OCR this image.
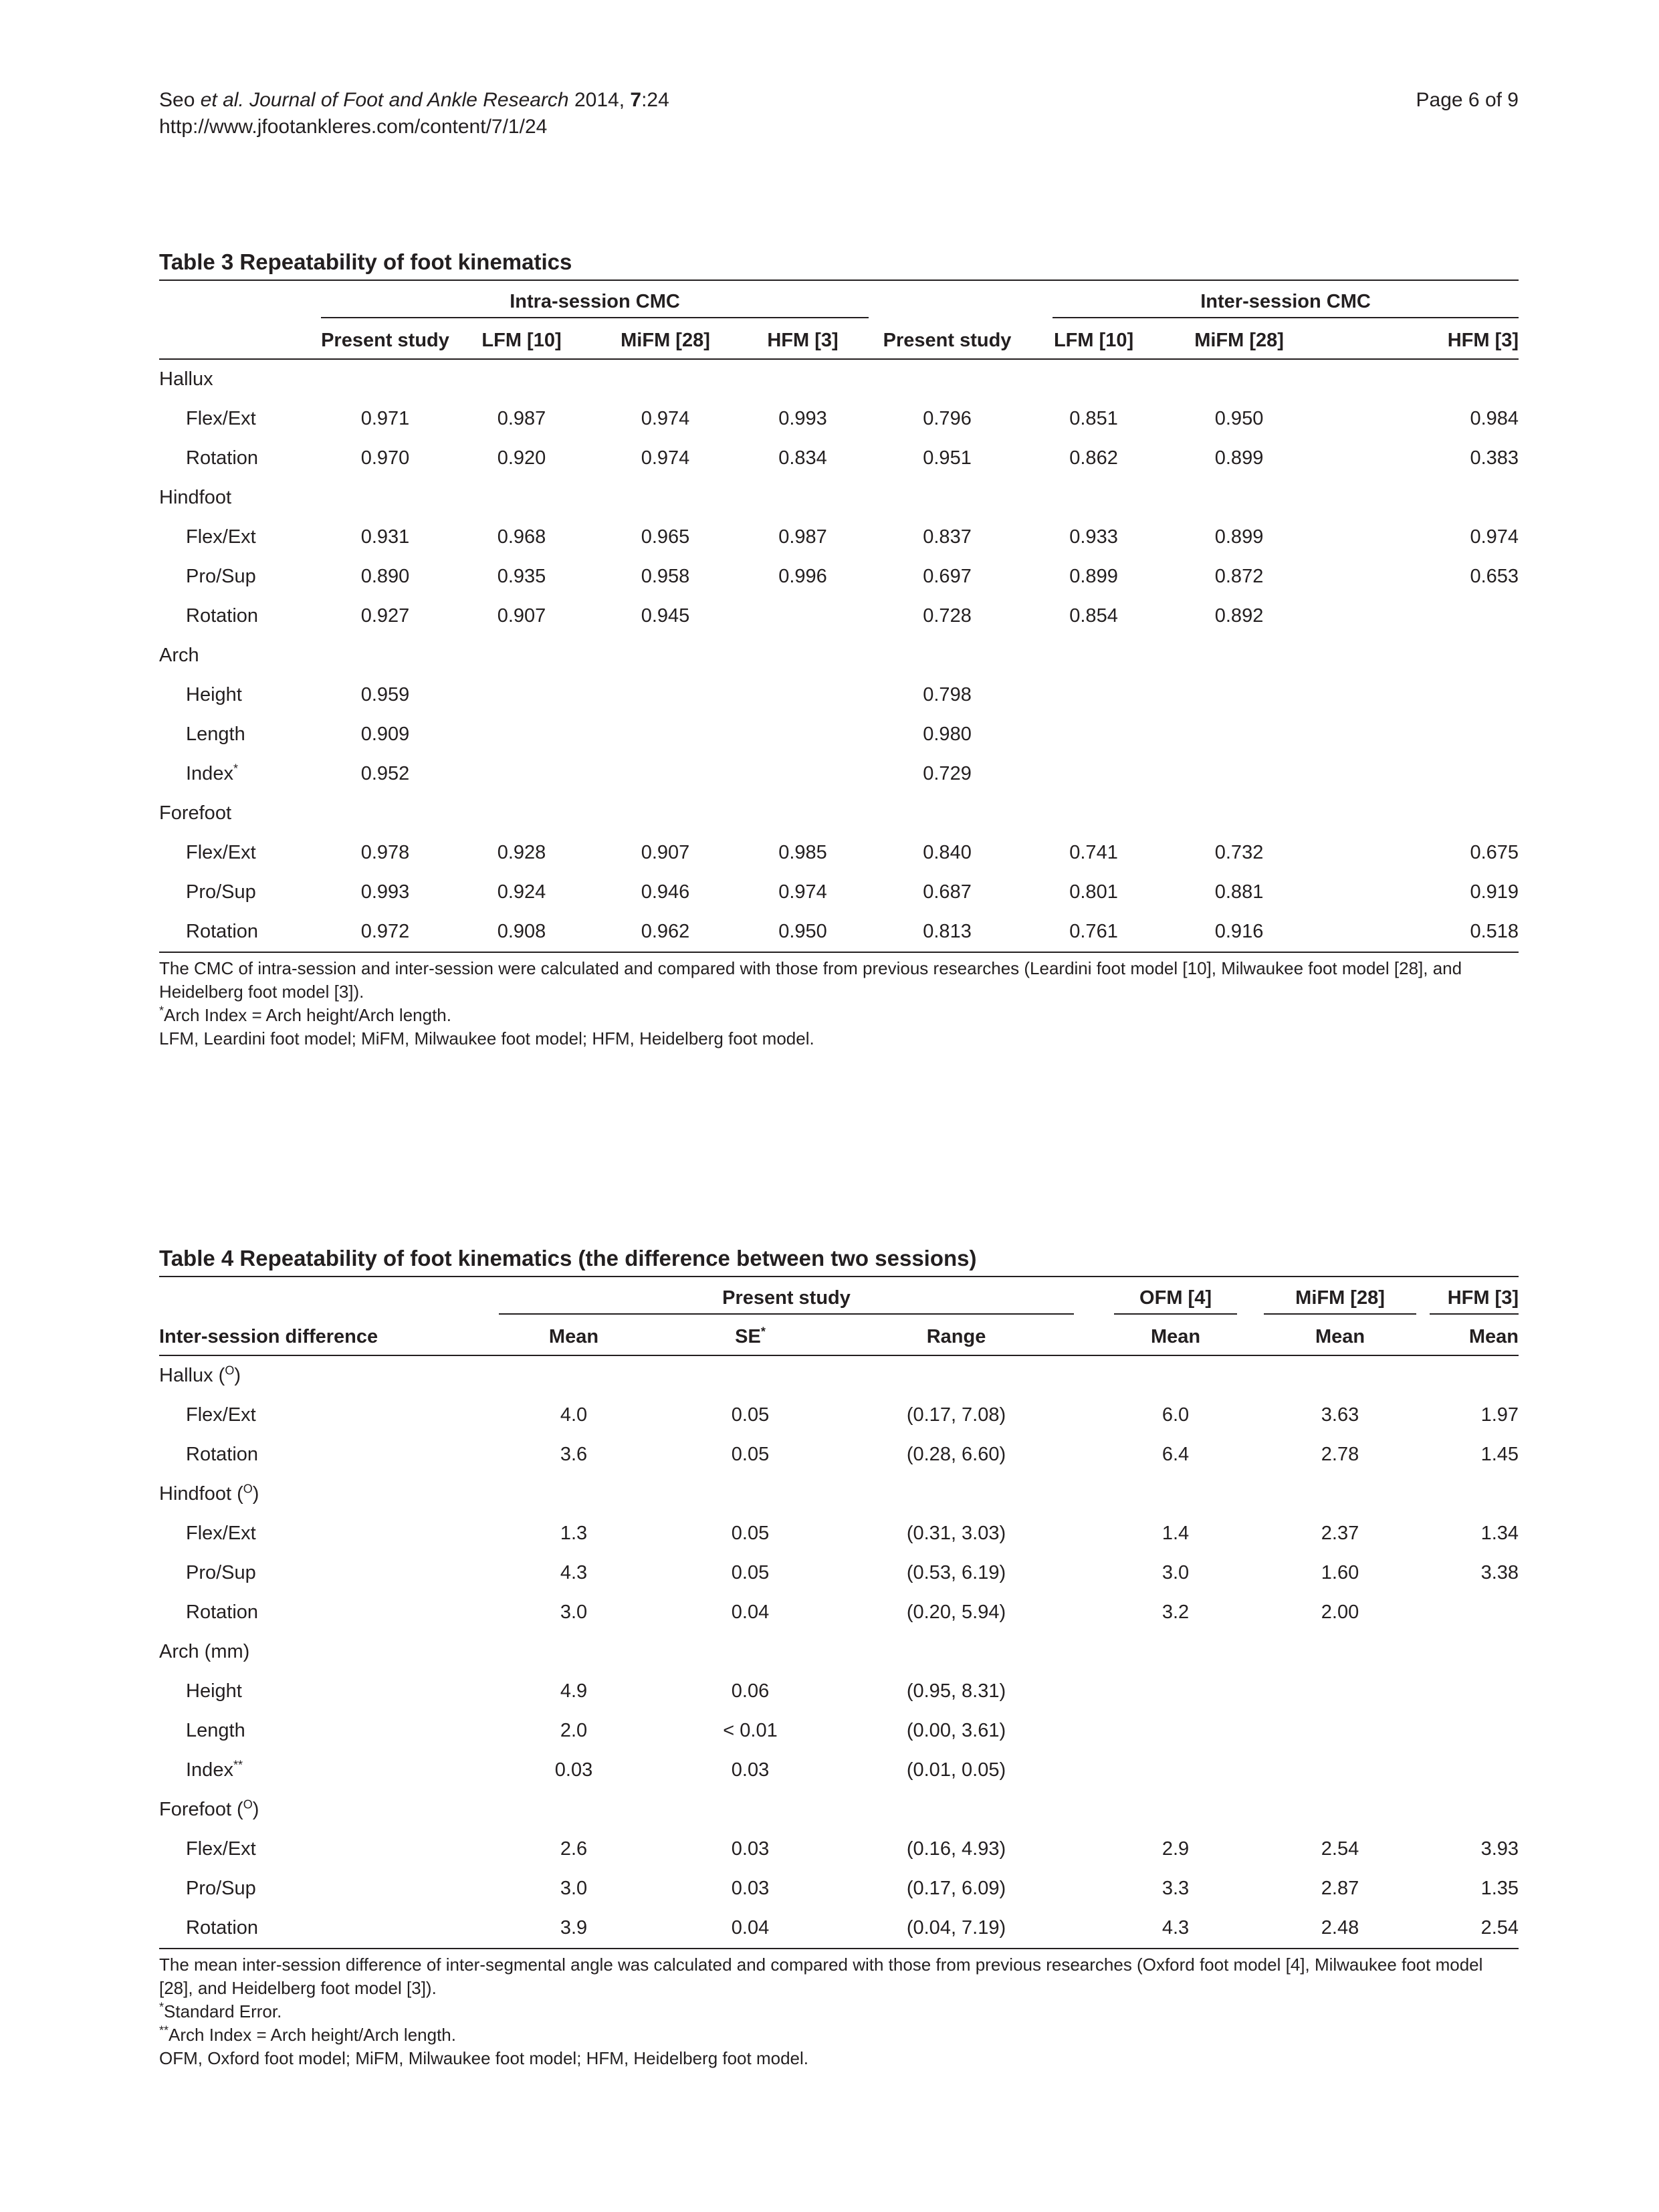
Seo et al. Journal of Foot and Ankle Research 2014, 7:24
http://www.jfootankleres.com/content/7/1/24
Page 6 of 9
Table 3 Repeatability of foot kinematics

	Intra-session CMC					Inter-session CMC		

	Present study	LFM [10]	MiFM [28]	HFM [3]	Present study	LFM [10]	MiFM [28]	HFM [3]
Hallux								
Flex/Ext	0.971	0.987	0.974	0.993	0.796	0.851	0.950	0.984
Rotation	0.970	0.920	0.974	0.834	0.951	0.862	0.899	0.383
Hindfoot								
Flex/Ext	0.931	0.968	0.965	0.987	0.837	0.933	0.899	0.974
Pro/Sup	0.890	0.935	0.958	0.996	0.697	0.899	0.872	0.653
Rotation	0.927	0.907	0.945		0.728	0.854	0.892	
Arch								
Height	0.959				0.798			
Length	0.909				0.980			
Index*	0.952				0.729			
Forefoot								
Flex/Ext	0.978	0.928	0.907	0.985	0.840	0.741	0.732	0.675
Pro/Sup	0.993	0.924	0.946	0.974	0.687	0.801	0.881	0.919
Rotation	0.972	0.908	0.962	0.950	0.813	0.761	0.916	0.518

The CMC of intra-session and inter-session were calculated and compared with those from previous researches (Leardini foot model [10], Milwaukee foot model [28], and Heidelberg foot model [3]).

*Arch Index = Arch height/Arch length.

LFM, Leardini foot model; MiFM, Milwaukee foot model; HFM, Heidelberg foot model.

Table 4 Repeatability of foot kinematics (the difference between two sessions)

	Present study			OFM [4]	MiFM [28]	HFM [3]

Inter-session difference	Mean	SE*	Range	Mean	Mean	Mean
Hallux ($^O$)						
Flex/Ext	4.0	0.05	(0.17, 7.08)	6.0	3.63	1.97
Rotation	3.6	0.05	(0.28, 6.60)	6.4	2.78	1.45
Hindfoot ($^O$)						
Flex/Ext	1.3	0.05	(0.31, 3.03)	1.4	2.37	1.34
Pro/Sup	4.3	0.05	(0.53, 6.19)	3.0	1.60	3.38
Rotation	3.0	0.04	(0.20, 5.94)	3.2	2.00	
Arch (mm)						
Height	4.9	0.06	(0.95, 8.31)			
Length	2.0	< 0.01	(0.00, 3.61)			
Index**	0.03	0.03	(0.01, 0.05)			
Forefoot ($^O$)						
Flex/Ext	2.6	0.03	(0.16, 4.93)	2.9	2.54	3.93
Pro/Sup	3.0	0.03	(0.17, 6.09)	3.3	2.87	1.35
Rotation	3.9	0.04	(0.04, 7.19)	4.3	2.48	2.54

The mean inter-session difference of inter-segmental angle was calculated and compared with those from previous researches (Oxford foot model [4], Milwaukee foot model [28], and Heidelberg foot model [3]).

*Standard Error.

**Arch Index = Arch height/Arch length.

OFM, Oxford foot model; MiFM, Milwaukee foot model; HFM, Heidelberg foot model.
